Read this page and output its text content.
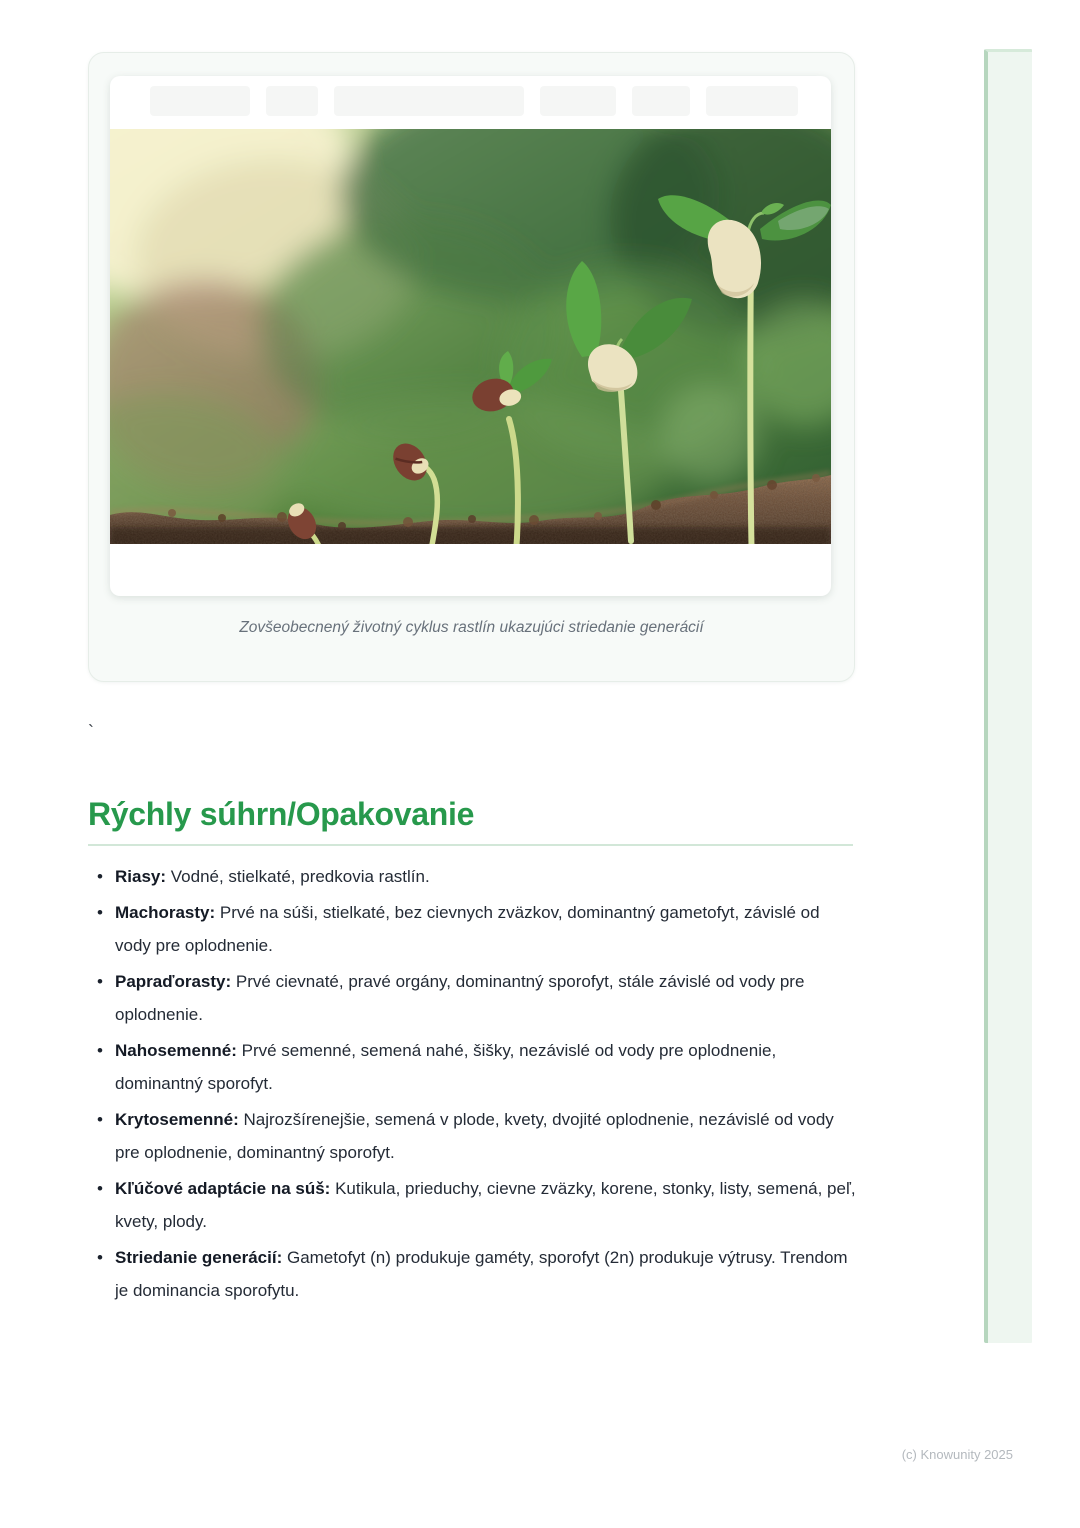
Zovšeobecnený životný cyklus rastlín ukazujúci striedanie generácií
`
Rýchly súhrn/Opakovanie
• Riasy: Vodné, stielkaté, predkovia rastlín.
• Machorasty: Prvé na súši, stielkaté, bez cievnych zväzkov, dominantný gametofyt, závislé od vody pre oplodnenie.
• Papraďorasty: Prvé cievnaté, pravé orgány, dominantný sporofyt, stále závislé od vody pre oplodnenie.
• Nahosemenné: Prvé semenné, semená nahé, šišky, nezávislé od vody pre oplodnenie, dominantný sporofyt.
• Krytosemenné: Najrozšírenejšie, semená v plode, kvety, dvojité oplodnenie, nezávislé od vody pre oplodnenie, dominantný sporofyt.
• Kľúčové adaptácie na súš: Kutikula, prieduchy, cievne zväzky, korene, stonky, listy, semená, peľ, kvety, plody.
• Striedanie generácií: Gametofyt (n) produkuje gaméty, sporofyt (2n) produkuje výtrusy. Trendom je dominancia sporofytu.
(c) Knowunity 2025
